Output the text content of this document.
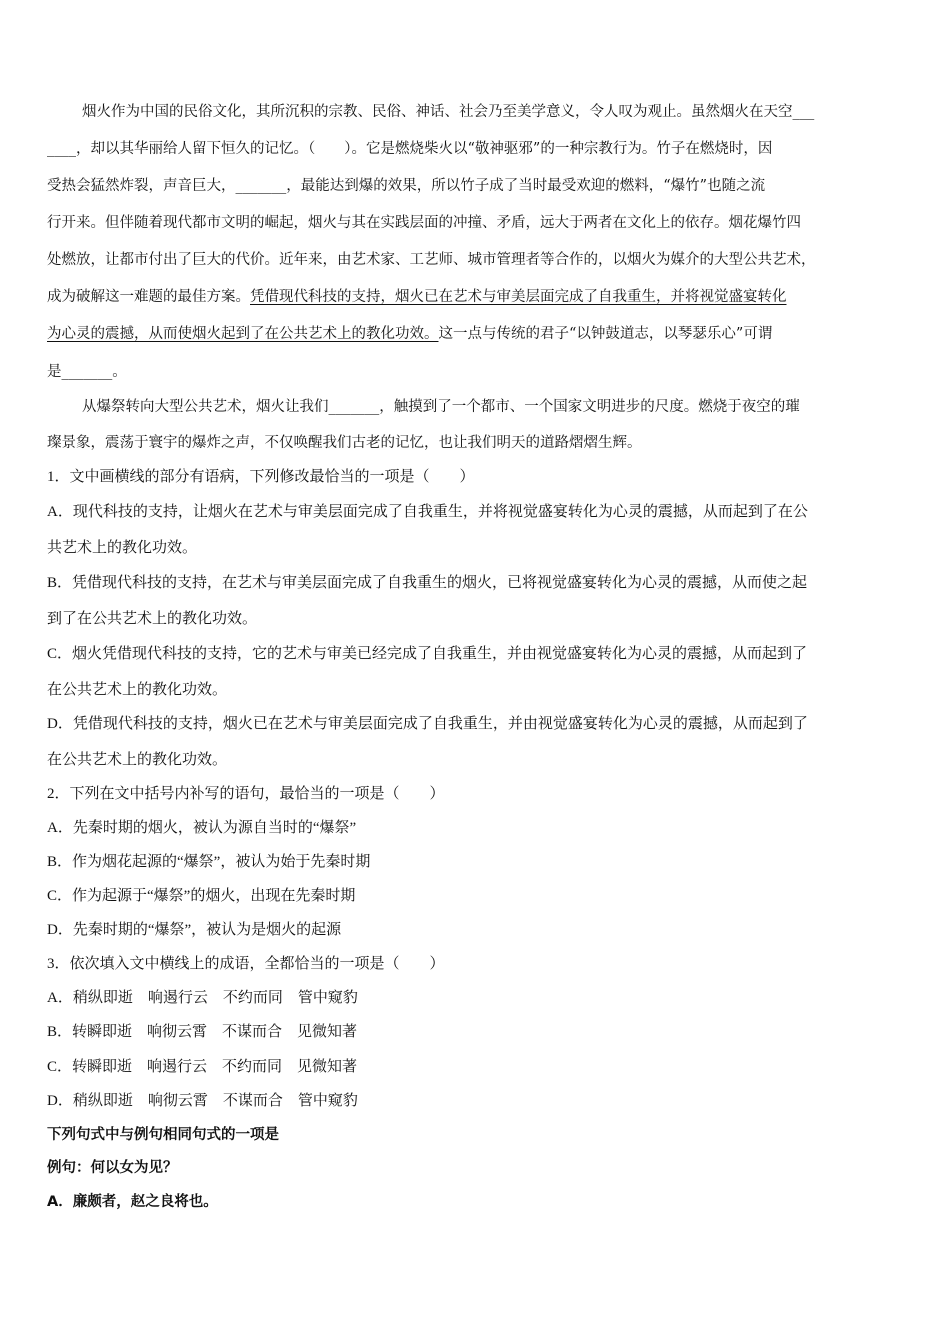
烟火作为中国的民俗文化，其所沉积的宗教、民俗、神话、社会乃至美学意义，令人叹为观止。虽然烟火在天空___
____，却以其华丽给人留下恒久的记忆。（　　）。它是燃烧柴火以“敬神驱邪”的一种宗教行为。竹子在燃烧时，因
受热会猛然炸裂，声音巨大，_______，最能达到爆的效果，所以竹子成了当时最受欢迎的燃料，“爆竹”也随之流
行开来。但伴随着现代都市文明的崛起，烟火与其在实践层面的冲撞、矛盾，远大于两者在文化上的依存。烟花爆竹四
处燃放，让都市付出了巨大的代价。近年来，由艺术家、工艺师、城市管理者等合作的，以烟火为媒介的大型公共艺术，
成为破解这一难题的最佳方案。凭借现代科技的支持，烟火已在艺术与审美层面完成了自我重生，并将视觉盛宴转化
为心灵的震撼，从而使烟火起到了在公共艺术上的教化功效。这一点与传统的君子“以钟鼓道志，以琴瑟乐心”可谓
是_______。
从爆祭转向大型公共艺术，烟火让我们_______，触摸到了一个都市、一个国家文明进步的尺度。燃烧于夜空的璀
璨景象，震荡于寰宇的爆炸之声，不仅唤醒我们古老的记忆，也让我们明天的道路熠熠生辉。
1．文中画横线的部分有语病，下列修改最恰当的一项是（　　）
A．现代科技的支持，让烟火在艺术与审美层面完成了自我重生，并将视觉盛宴转化为心灵的震撼，从而起到了在公
共艺术上的教化功效。
B．凭借现代科技的支持，在艺术与审美层面完成了自我重生的烟火，已将视觉盛宴转化为心灵的震撼，从而使之起
到了在公共艺术上的教化功效。
C．烟火凭借现代科技的支持，它的艺术与审美已经完成了自我重生，并由视觉盛宴转化为心灵的震撼，从而起到了
在公共艺术上的教化功效。
D．凭借现代科技的支持，烟火已在艺术与审美层面完成了自我重生，并由视觉盛宴转化为心灵的震撼，从而起到了
在公共艺术上的教化功效。
2．下列在文中括号内补写的语句，最恰当的一项是（　　）
A．先秦时期的烟火，被认为源自当时的“爆祭”
B．作为烟花起源的“爆祭”，被认为始于先秦时期
C．作为起源于“爆祭”的烟火，出现在先秦时期
D．先秦时期的“爆祭”，被认为是烟火的起源
3．依次填入文中横线上的成语，全都恰当的一项是（　　）
A．稍纵即逝　响遏行云　不约而同　管中窥豹
B．转瞬即逝　响彻云霄　不谋而合　见微知著
C．转瞬即逝　响遏行云　不约而同　见微知著
D．稍纵即逝　响彻云霄　不谋而合　管中窥豹
下列句式中与例句相同句式的一项是
例句：何以女为见？
A．廉颇者，赵之良将也。
